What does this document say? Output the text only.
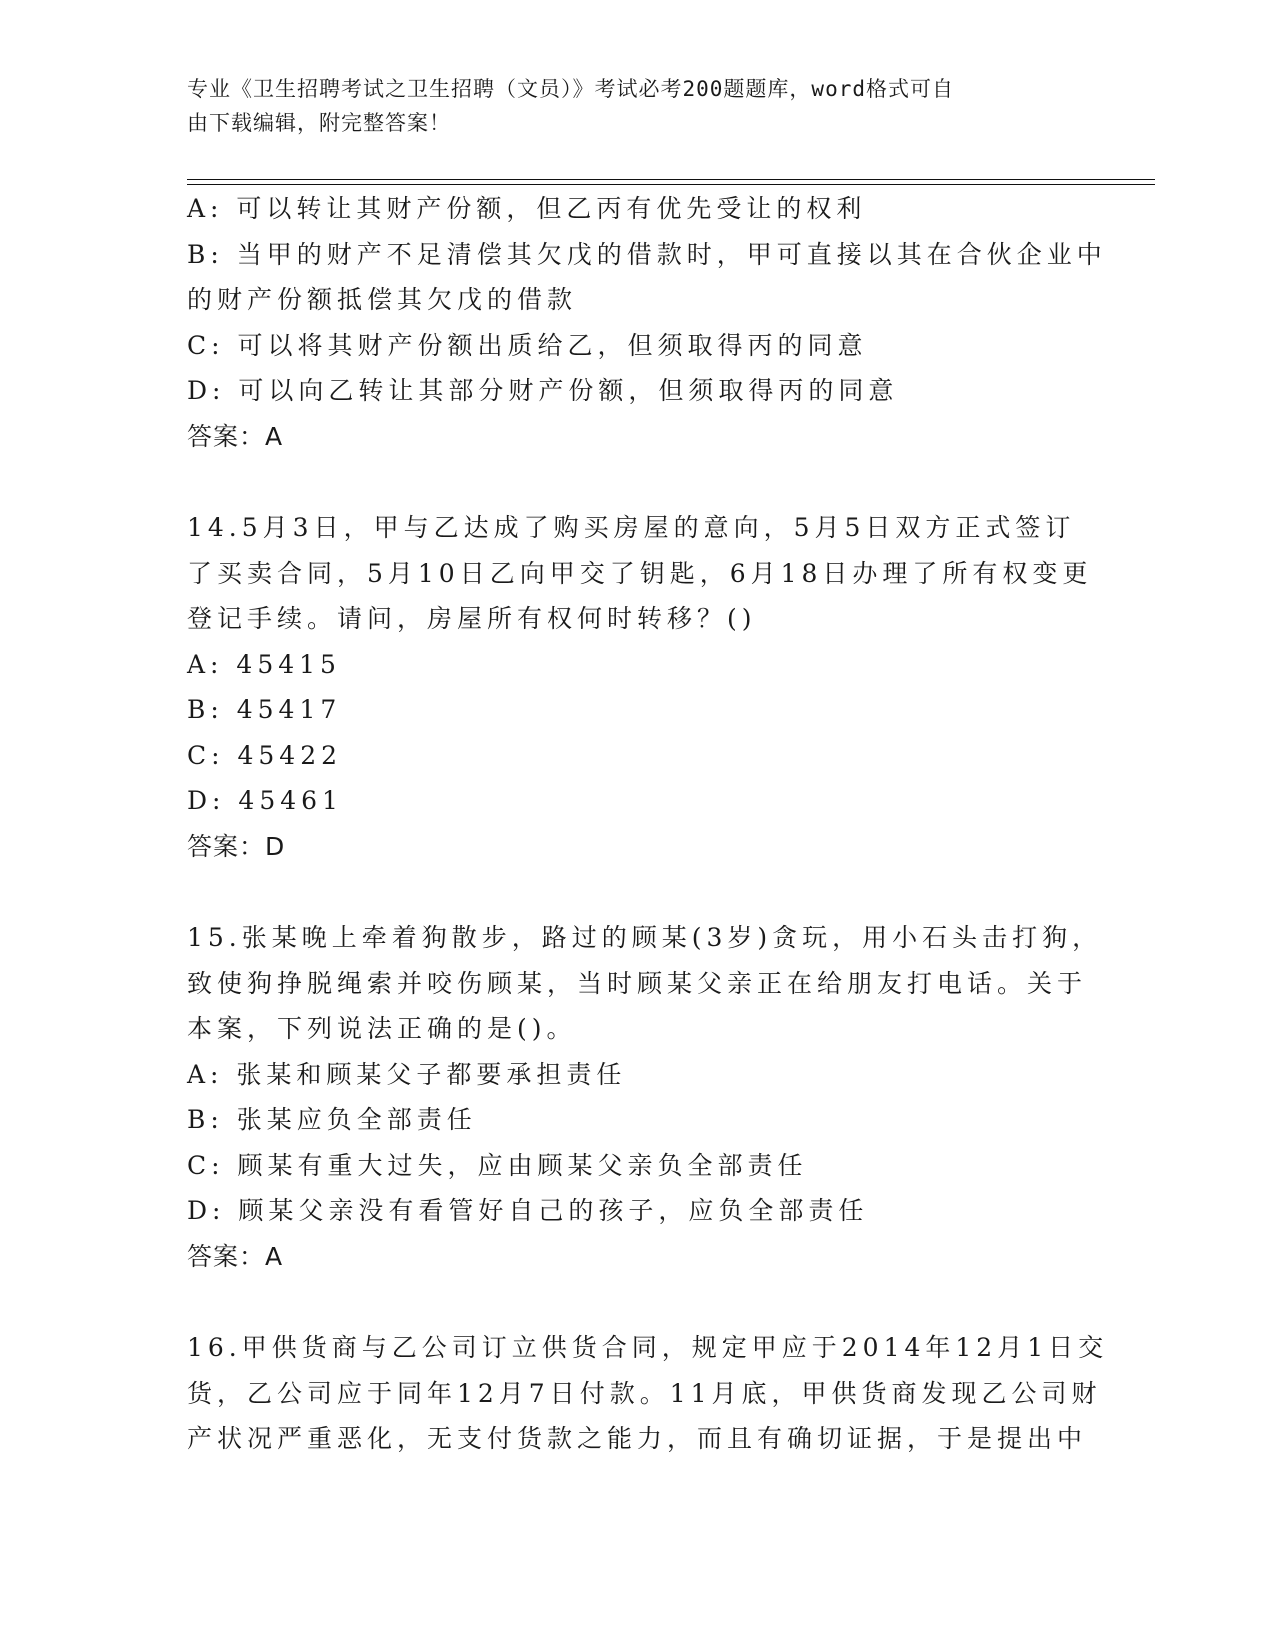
专业《卫生招聘考试之卫生招聘（文员）》考试必考200题题库，word格式可自
由下载编辑，附完整答案！
A: 可以转让其财产份额，但乙丙有优先受让的权利
B: 当甲的财产不足清偿其欠戊的借款时，甲可直接以其在合伙企业中
的财产份额抵偿其欠戊的借款
C: 可以将其财产份额出质给乙，但须取得丙的同意
D: 可以向乙转让其部分财产份额，但须取得丙的同意
答案：A
14.5月3日，甲与乙达成了购买房屋的意向，5月5日双方正式签订
了买卖合同，5月10日乙向甲交了钥匙，6月18日办理了所有权变更
登记手续。请问，房屋所有权何时转移？()
A: 45415
B: 45417
C: 45422
D: 45461
答案：D
15.张某晚上牵着狗散步，路过的顾某(3岁)贪玩，用小石头击打狗，
致使狗挣脱绳索并咬伤顾某，当时顾某父亲正在给朋友打电话。关于
本案，下列说法正确的是()。
A: 张某和顾某父子都要承担责任
B: 张某应负全部责任
C: 顾某有重大过失，应由顾某父亲负全部责任
D: 顾某父亲没有看管好自己的孩子，应负全部责任
答案：A
16.甲供货商与乙公司订立供货合同，规定甲应于2014年12月1日交
货，乙公司应于同年12月7日付款。11月底，甲供货商发现乙公司财
产状况严重恶化，无支付货款之能力，而且有确切证据，于是提出中
